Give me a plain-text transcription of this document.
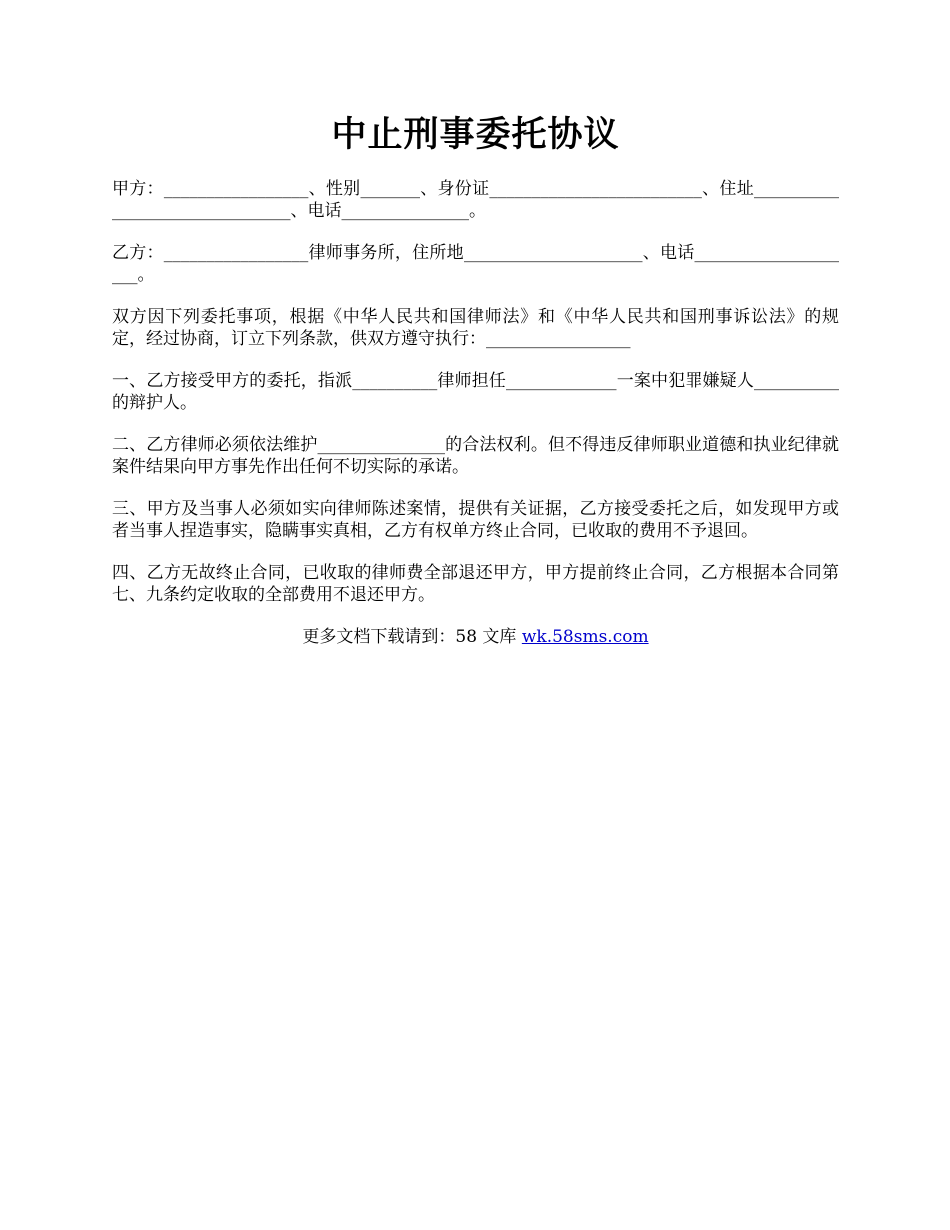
中止刑事委托协议

甲方：_________________、性别_______、身份证_________________________、住址_______________________________、电话_______________。

乙方：_________________律师事务所，住所地_____________________、电话____________________。

双方因下列委托事项，根据《中华人民共和国律师法》和《中华人民共和国刑事诉讼法》的规定，经过协商，订立下列条款，供双方遵守执行：_________________

一、乙方接受甲方的委托，指派__________律师担任_____________一案中犯罪嫌疑人__________的辩护人。

二、乙方律师必须依法维护_______________的合法权利。但不得违反律师职业道德和执业纪律就案件结果向甲方事先作出任何不切实际的承诺。

三、甲方及当事人必须如实向律师陈述案情，提供有关证据，乙方接受委托之后，如发现甲方或者当事人捏造事实，隐瞒事实真相，乙方有权单方终止合同，已收取的费用不予退回。

四、乙方无故终止合同，已收取的律师费全部退还甲方，甲方提前终止合同，乙方根据本合同第七、九条约定收取的全部费用不退还甲方。

更多文档下载请到：58 文库 wk.58sms.com
